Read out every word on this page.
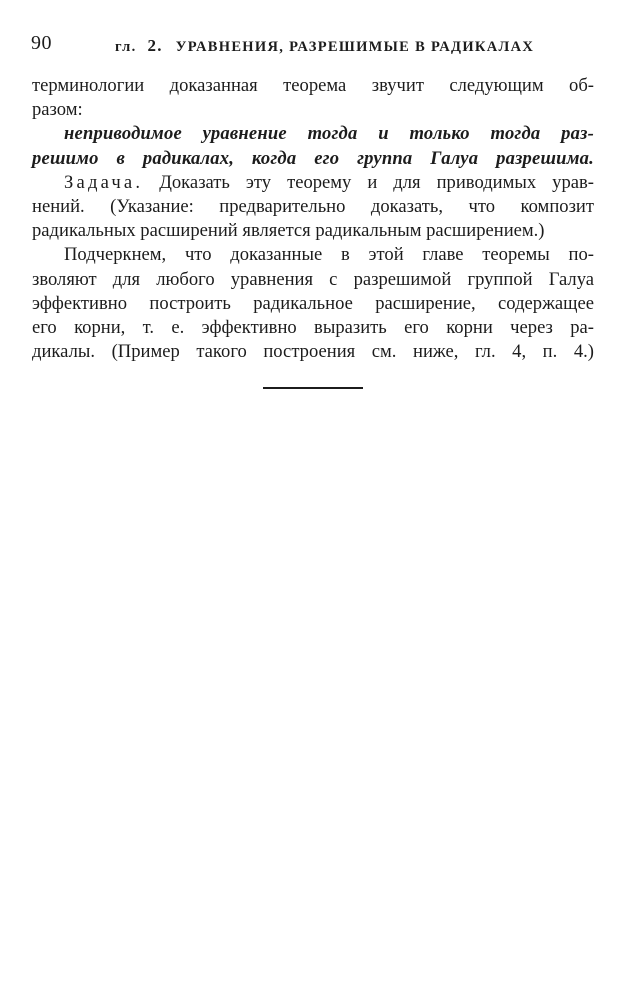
90	гл. 2. УРАВНЕНИЯ, РАЗРЕШИМЫЕ В РАДИКАЛАХ

терминологии доказанная теорема звучит следующим об-
разом:

неприводимое уравнение тогда и только тогда раз-
решимо в радикалах, когда его группа Галуа разрешима.

Задача. Доказать эту теорему и для приводимых урав-
нений. (Указание: предварительно доказать, что композит
радикальных расширений является радикальным расширением.)

Подчеркнем, что доказанные в этой главе теоремы по-
зволяют для любого уравнения с разрешимой группой Галуа
эффективно построить радикальное расширение, содержащее
его корни, т. е. эффективно выразить его корни через ра-
дикалы. (Пример такого построения см. ниже, гл. 4, п. 4.)
